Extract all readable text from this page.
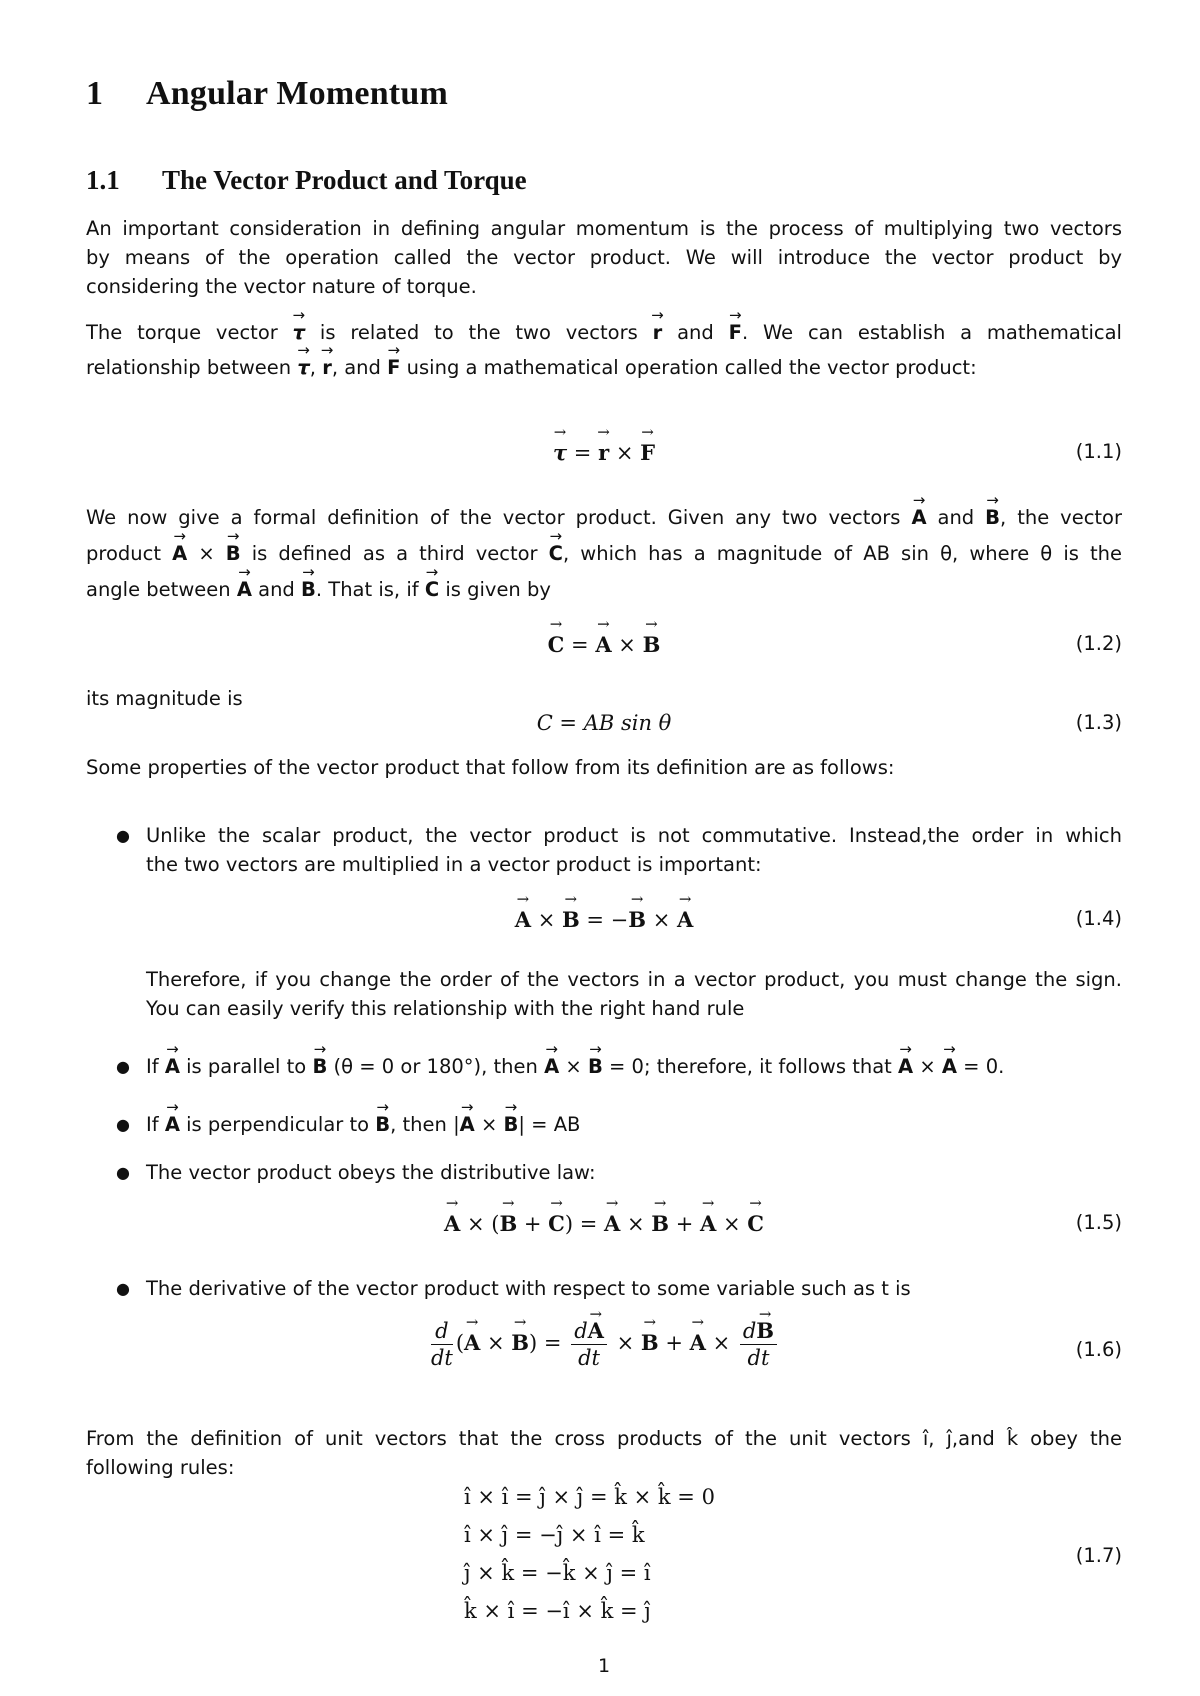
1 Angular Momentum
1.1 The Vector Product and Torque
An important consideration in defining angular momentum is the process of multiplying two vectors
by means of the operation called the vector product. We will introduce the vector product by
considering the vector nature of torque.
The torque vector → τ is related to the two vectors → r and → F. We can establish a mathematical
relationship between → τ, → r, and → F using a mathematical operation called the vector product:
→ τ = → r × → F	(1.1)
We now give a formal definition of the vector product. Given any two vectors → A and → B, the vector
product → A × → B is defined as a third vector → C, which has a magnitude of AB sin θ, where θ is the
angle between → A and → B. That is, if → C is given by
→ C = → A × → B	(1.2)
its magnitude is
C = AB sin θ	(1.3)
Some properties of the vector product that follow from its definition are as follows:
● Unlike the scalar product, the vector product is not commutative. Instead,the order in which
the two vectors are multiplied in a vector product is important:
→ A × → B = −→ B × → A	(1.4)
Therefore, if you change the order of the vectors in a vector product, you must change the sign.
You can easily verify this relationship with the right hand rule
● If → A is parallel to → B (θ = 0 or 180°), then → A × → B = 0; therefore, it follows that → A × → A = 0.
● If → A is perpendicular to → B, then |→ A × → B| = AB
● The vector product obeys the distributive law:
→ A × (→ B + → C) = → A × → B + → A × → C	(1.5)
● The derivative of the vector product with respect to some variable such as t is
$\frac{d}{dt}$ (→ A × → $B) = \frac{d\to A}{dt}$ × → B + → $A \times \frac{d\to B}{dt}$	(1.6)
From the definition of unit vectors that the cross products of the unit vectors î, ĵ,and k̂ obey the
following rules:
î × î = ĵ × ĵ = k̂ × k̂ = 0
î × ĵ = −ĵ × î = k̂
ĵ × k̂ = −k̂ × ĵ = î
k̂ × î = −î × k̂ = ĵ
(1.7)
1
